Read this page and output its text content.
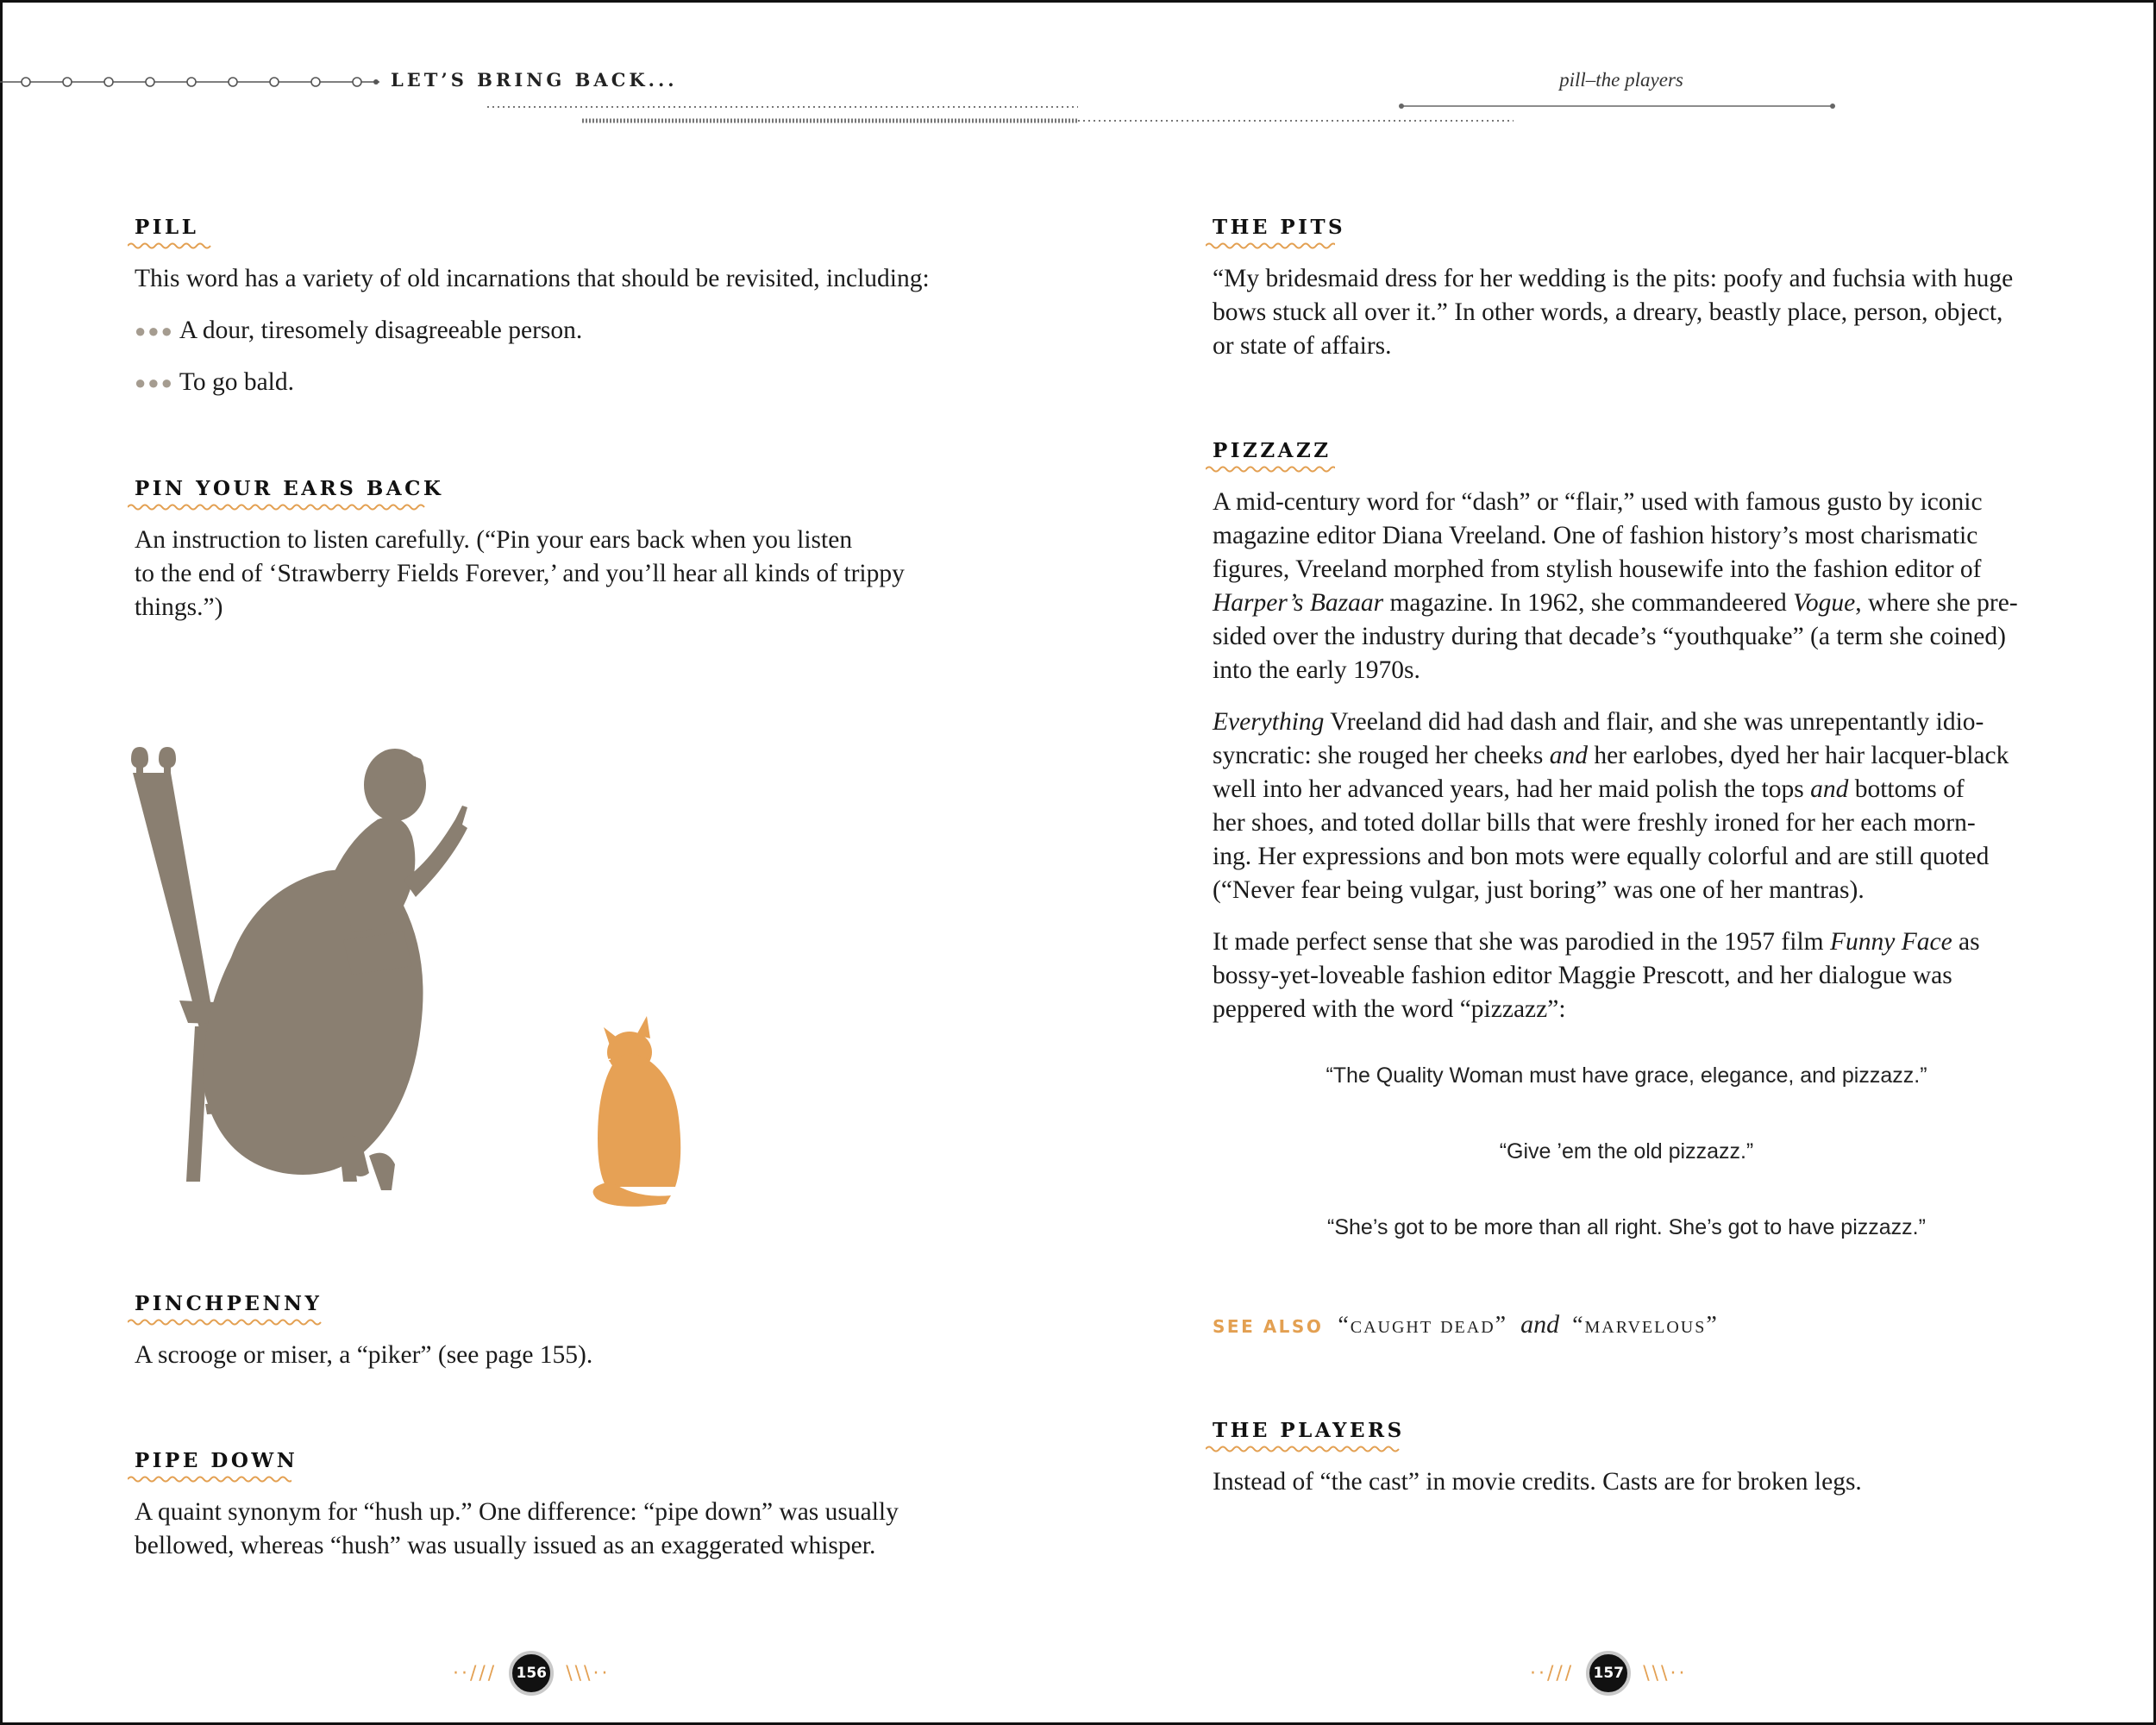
LET’S BRING BACK...	pill–the players
PILL
This word has a variety of old incarnations that should be revisited, including:
●●● A dour, tiresomely disagreeable person.
●●● To go bald.
PIN YOUR EARS BACK
An instruction to listen carefully. (“Pin your ears back when you listen
to the end of ‘Strawberry Fields Forever,’ and you’ll hear all kinds of trippy
things.”)
PINCHPENNY
A scrooge or miser, a “piker” (see page 155).
PIPE DOWN
A quaint synonym for “hush up.” One difference: “pipe down” was usually
bellowed, whereas “hush” was usually issued as an exaggerated whisper.
THE PITS
“My bridesmaid dress for her wedding is the pits: poofy and fuchsia with huge
bows stuck all over it.” In other words, a dreary, beastly place, person, object,
or state of affairs.
PIZZAZZ

A mid-century word for “dash” or “flair,” used with famous gusto by iconic
magazine editor Diana Vreeland. One of fashion history’s most charismatic
figures, Vreeland morphed from stylish housewife into the fashion editor of
Harper’s Bazaar magazine. In 1962, she commandeered Vogue, where she pre-
sided over the industry during that decade’s “youthquake” (a term she coined)
into the early 1970s.

Everything Vreeland did had dash and flair, and she was unrepentantly idio-
syncratic: she rouged her cheeks and her earlobes, dyed her hair lacquer-black
well into her advanced years, had her maid polish the tops and bottoms of
her shoes, and toted dollar bills that were freshly ironed for her each morn-
ing. Her expressions and bon mots were equally colorful and are still quoted
(“Never fear being vulgar, just boring” was one of her mantras).

It made perfect sense that she was parodied in the 1957 film Funny Face as
bossy-yet-loveable fashion editor Maggie Prescott, and her dialogue was
peppered with the word “pizzazz”:

“The Quality Woman must have grace, elegance, and pizzazz.”
“Give ’em the old pizzazz.”
“She’s got to be more than all right. She’s got to have pizzazz.”
SEE ALSO “caught dead” and “marvelous”
THE PLAYERS
Instead of “the cast” in movie credits. Casts are for broken legs.
··///	156	\\\··	··///	157	\\\··
